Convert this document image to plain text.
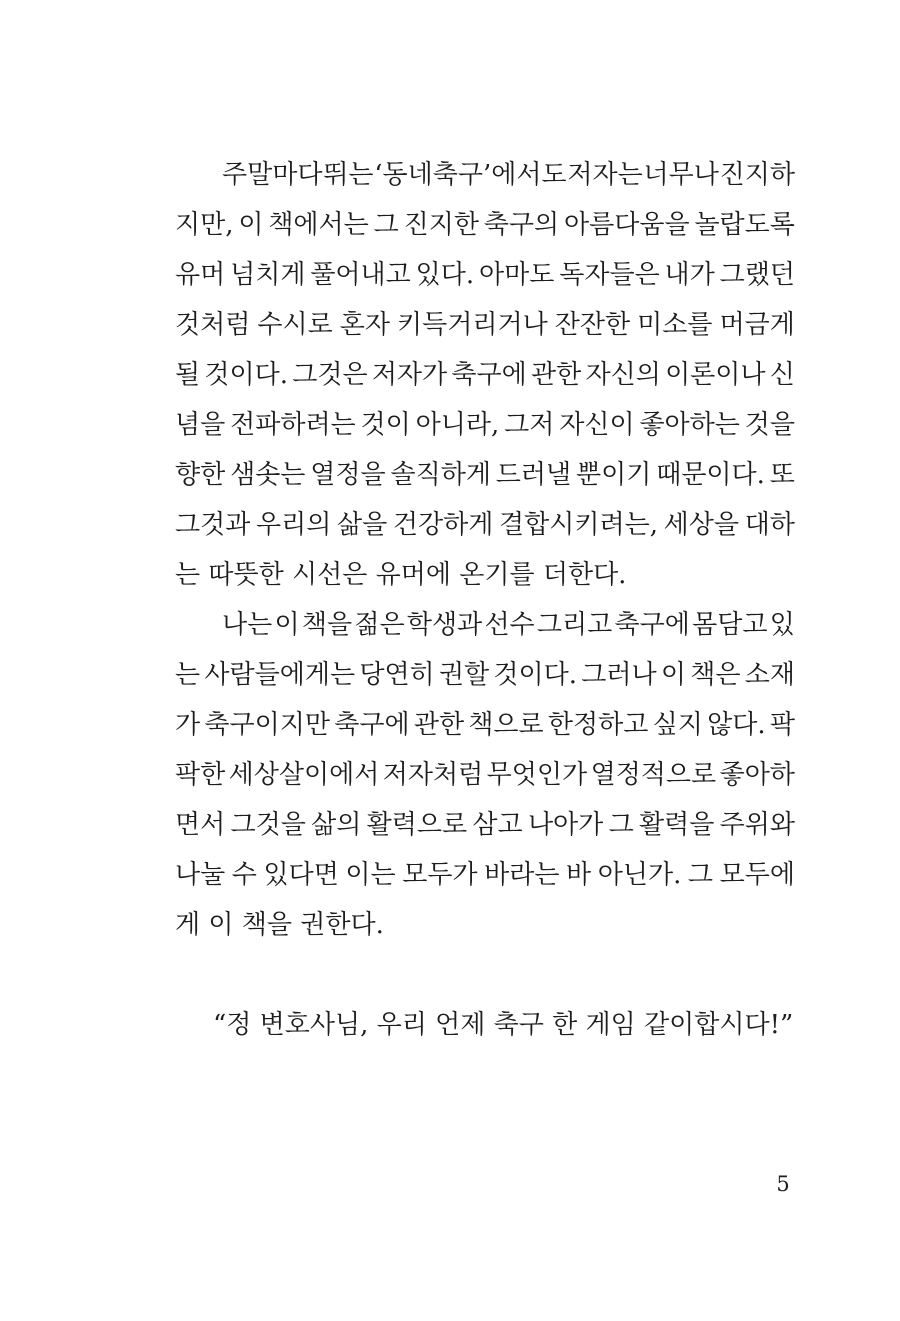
주말마다 뛰는 ‘동네축구’에서도 저자는 너무나 진지하
지만, 이 책에서는 그 진지한 축구의 아름다움을 놀랍도록
유머 넘치게 풀어내고 있다. 아마도 독자들은 내가 그랬던
것처럼 수시로 혼자 키득거리거나 잔잔한 미소를 머금게
될 것이다. 그것은 저자가 축구에 관한 자신의 이론이나 신
념을 전파하려는 것이 아니라, 그저 자신이 좋아하는 것을
향한 샘솟는 열정을 솔직하게 드러낼 뿐이기 때문이다. 또
그것과 우리의 삶을 건강하게 결합시키려는, 세상을 대하
는 따뜻한 시선은 유머에 온기를 더한다.
나는 이 책을 젊은 학생과 선수 그리고 축구에 몸담고 있
는 사람들에게는 당연히 권할 것이다. 그러나 이 책은 소재
가 축구이지만 축구에 관한 책으로 한정하고 싶지 않다. 팍
팍한 세상살이에서 저자처럼 무엇인가 열정적으로 좋아하
면서 그것을 삶의 활력으로 삼고 나아가 그 활력을 주위와
나눌 수 있다면 이는 모두가 바라는 바 아닌가. 그 모두에
게 이 책을 권한다.
“정 변호사님, 우리 언제 축구 한 게임 같이합시다!”
5
